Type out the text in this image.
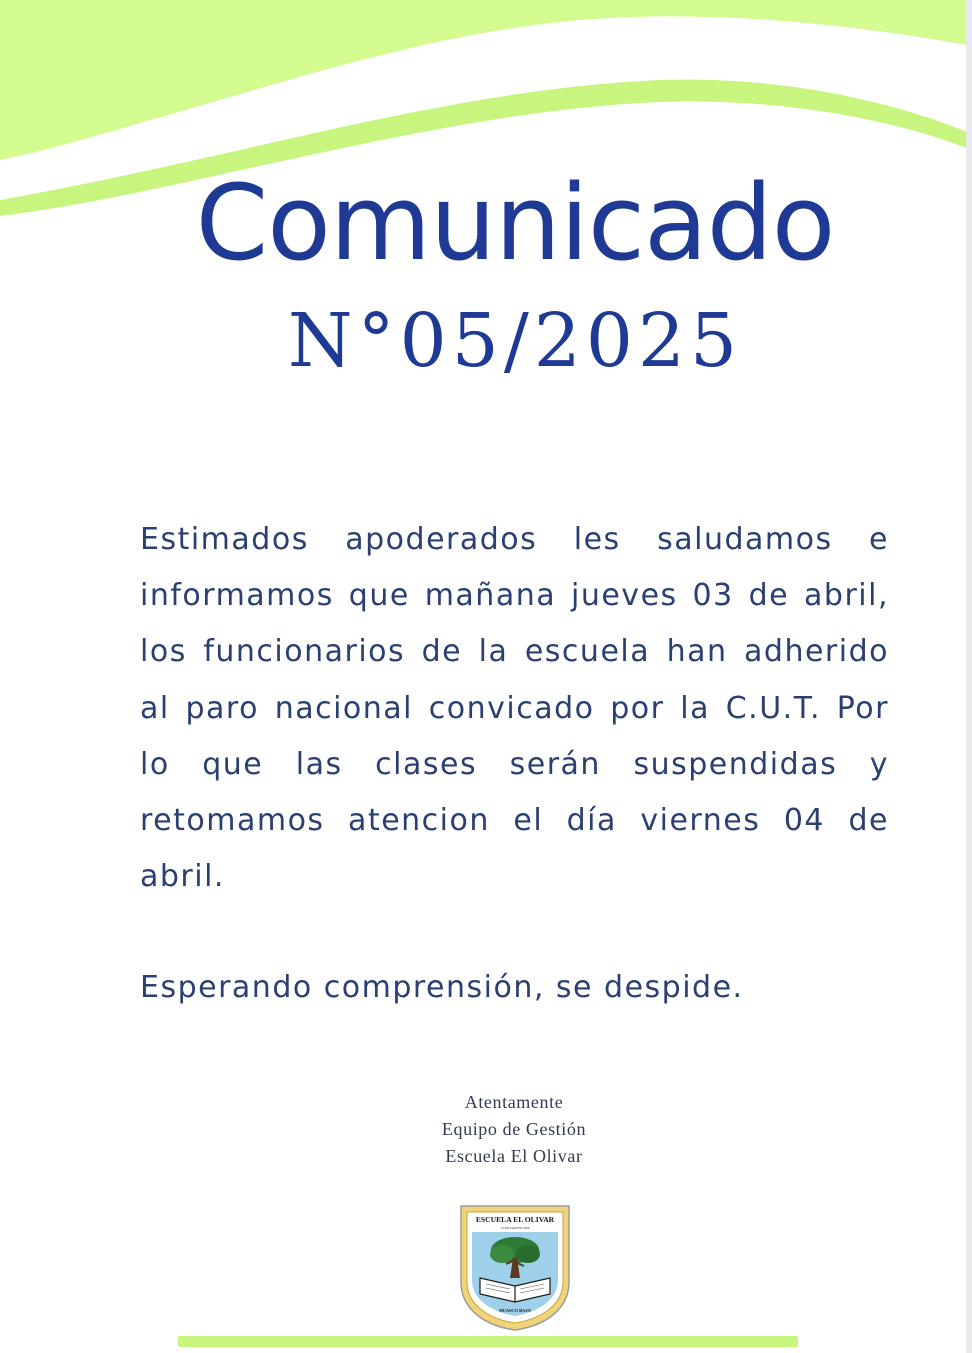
Comunicado
N°05/2025

Estimados apoderados les saludamos e informamos que mañana jueves 03 de abril, los funcionarios de la escuela han adherido al paro nacional convicado por la C.U.T. Por lo que las clases serán suspendidas y retomamos atencion el día viernes 04 de abril.

Esperando comprensión, se despide.

Atentamente
Equipo de Gestión
Escuela El Olivar
ESCUELA EL OLIVAR
12 DE AGOSTO 1960
HUASCO BAJO
